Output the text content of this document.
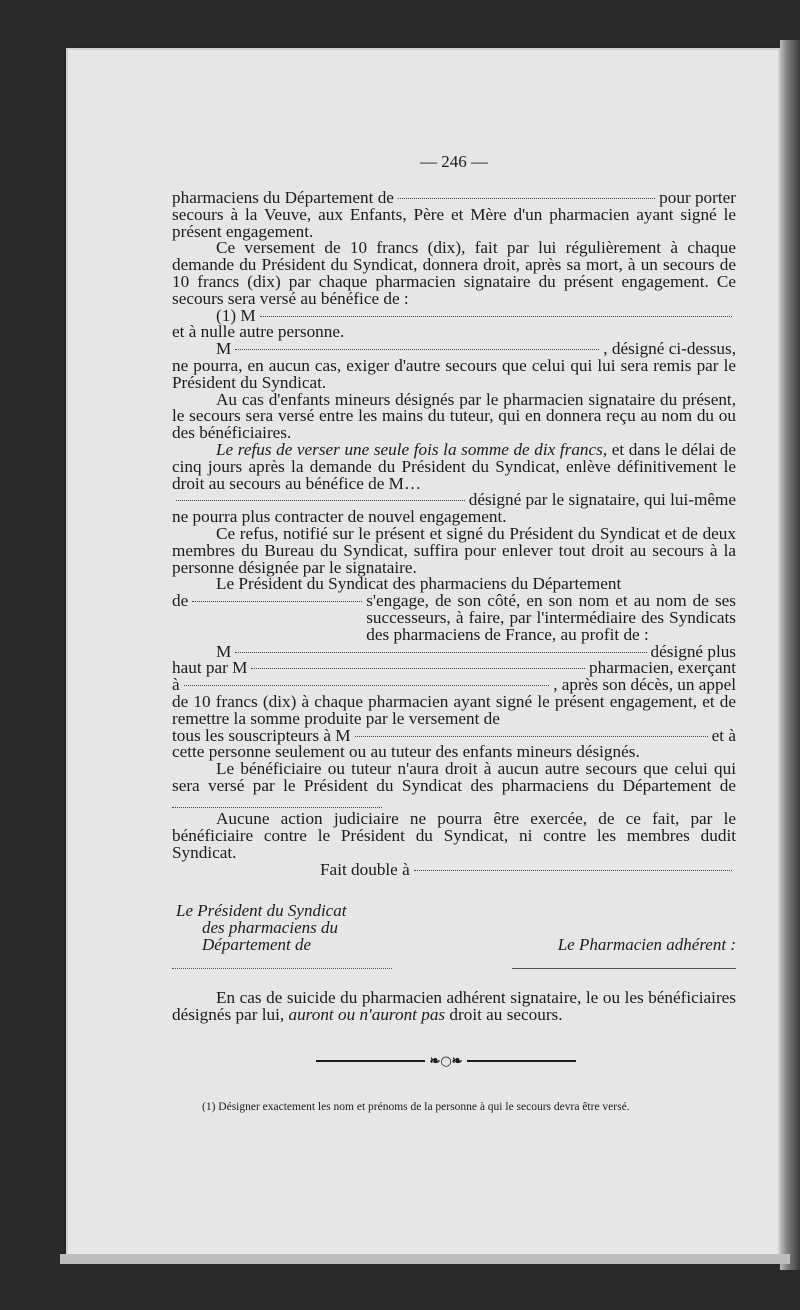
— 246 —
pharmaciens du Département de	pour porter

secours à la Veuve, aux Enfants, Père et Mère d'un pharmacien ayant signé le présent engagement.

Ce versement de 10 francs (dix), fait par lui régulièrement à chaque demande du Président du Syndicat, donnera droit, après sa mort, à un secours de 10 francs (dix) par chaque pharmacien signataire du présent engagement. Ce secours sera versé au bénéfice de :

(1) M

et à nulle autre personne.

M	, désigné ci-dessus,

ne pourra, en aucun cas, exiger d'autre secours que celui qui lui sera remis par le Président du Syndicat.

Au cas d'enfants mineurs désignés par le pharmacien signataire du présent, le secours sera versé entre les mains du tuteur, qui en donnera reçu au nom du ou des bénéficiaires.

Le refus de verser une seule fois la somme de dix francs, et dans le délai de cinq jours après la demande du Président du Syndicat, enlève définitivement le droit au secours au bénéfice de M…

désigné par le signataire, qui lui-même

ne pourra plus contracter de nouvel engagement.

Ce refus, notifié sur le présent et signé du Président du Syndicat et de deux membres du Bureau du Syndicat, suffira pour enlever tout droit au secours à la personne désignée par le signataire.

Le Président du Syndicat des pharmaciens du Département

de	s'engage, de son côté, en son nom et au nom de ses successeurs, à faire, par l'intermédiaire des Syndicats des pharmaciens de France, au profit de :
M	désigné plus
haut par M	pharmacien, exerçant
à	, après son décès, un appel

de 10 francs (dix) à chaque pharmacien ayant signé le présent engagement, et de remettre la somme produite par le versement de

tous les souscripteurs à M	et à

cette personne seulement ou au tuteur des enfants mineurs désignés.

Le bénéficiaire ou tuteur n'aura droit à aucun autre secours que celui qui sera versé par le Président du Syndicat des pharmaciens du Département de

Aucune action judiciaire ne pourra être exercée, de ce fait, par le bénéficiaire contre le Président du Syndicat, ni contre les membres dudit Syndicat.

Fait double à
Le Président du Syndicat
des pharmaciens du
Département de	Le Pharmacien adhérent :

En cas de suicide du pharmacien adhérent signataire, le ou les bénéficiaires désignés par lui, auront ou n'auront pas droit au secours.

❧○❧
(1) Désigner exactement les nom et prénoms de la personne à qui le secours devra être versé.
